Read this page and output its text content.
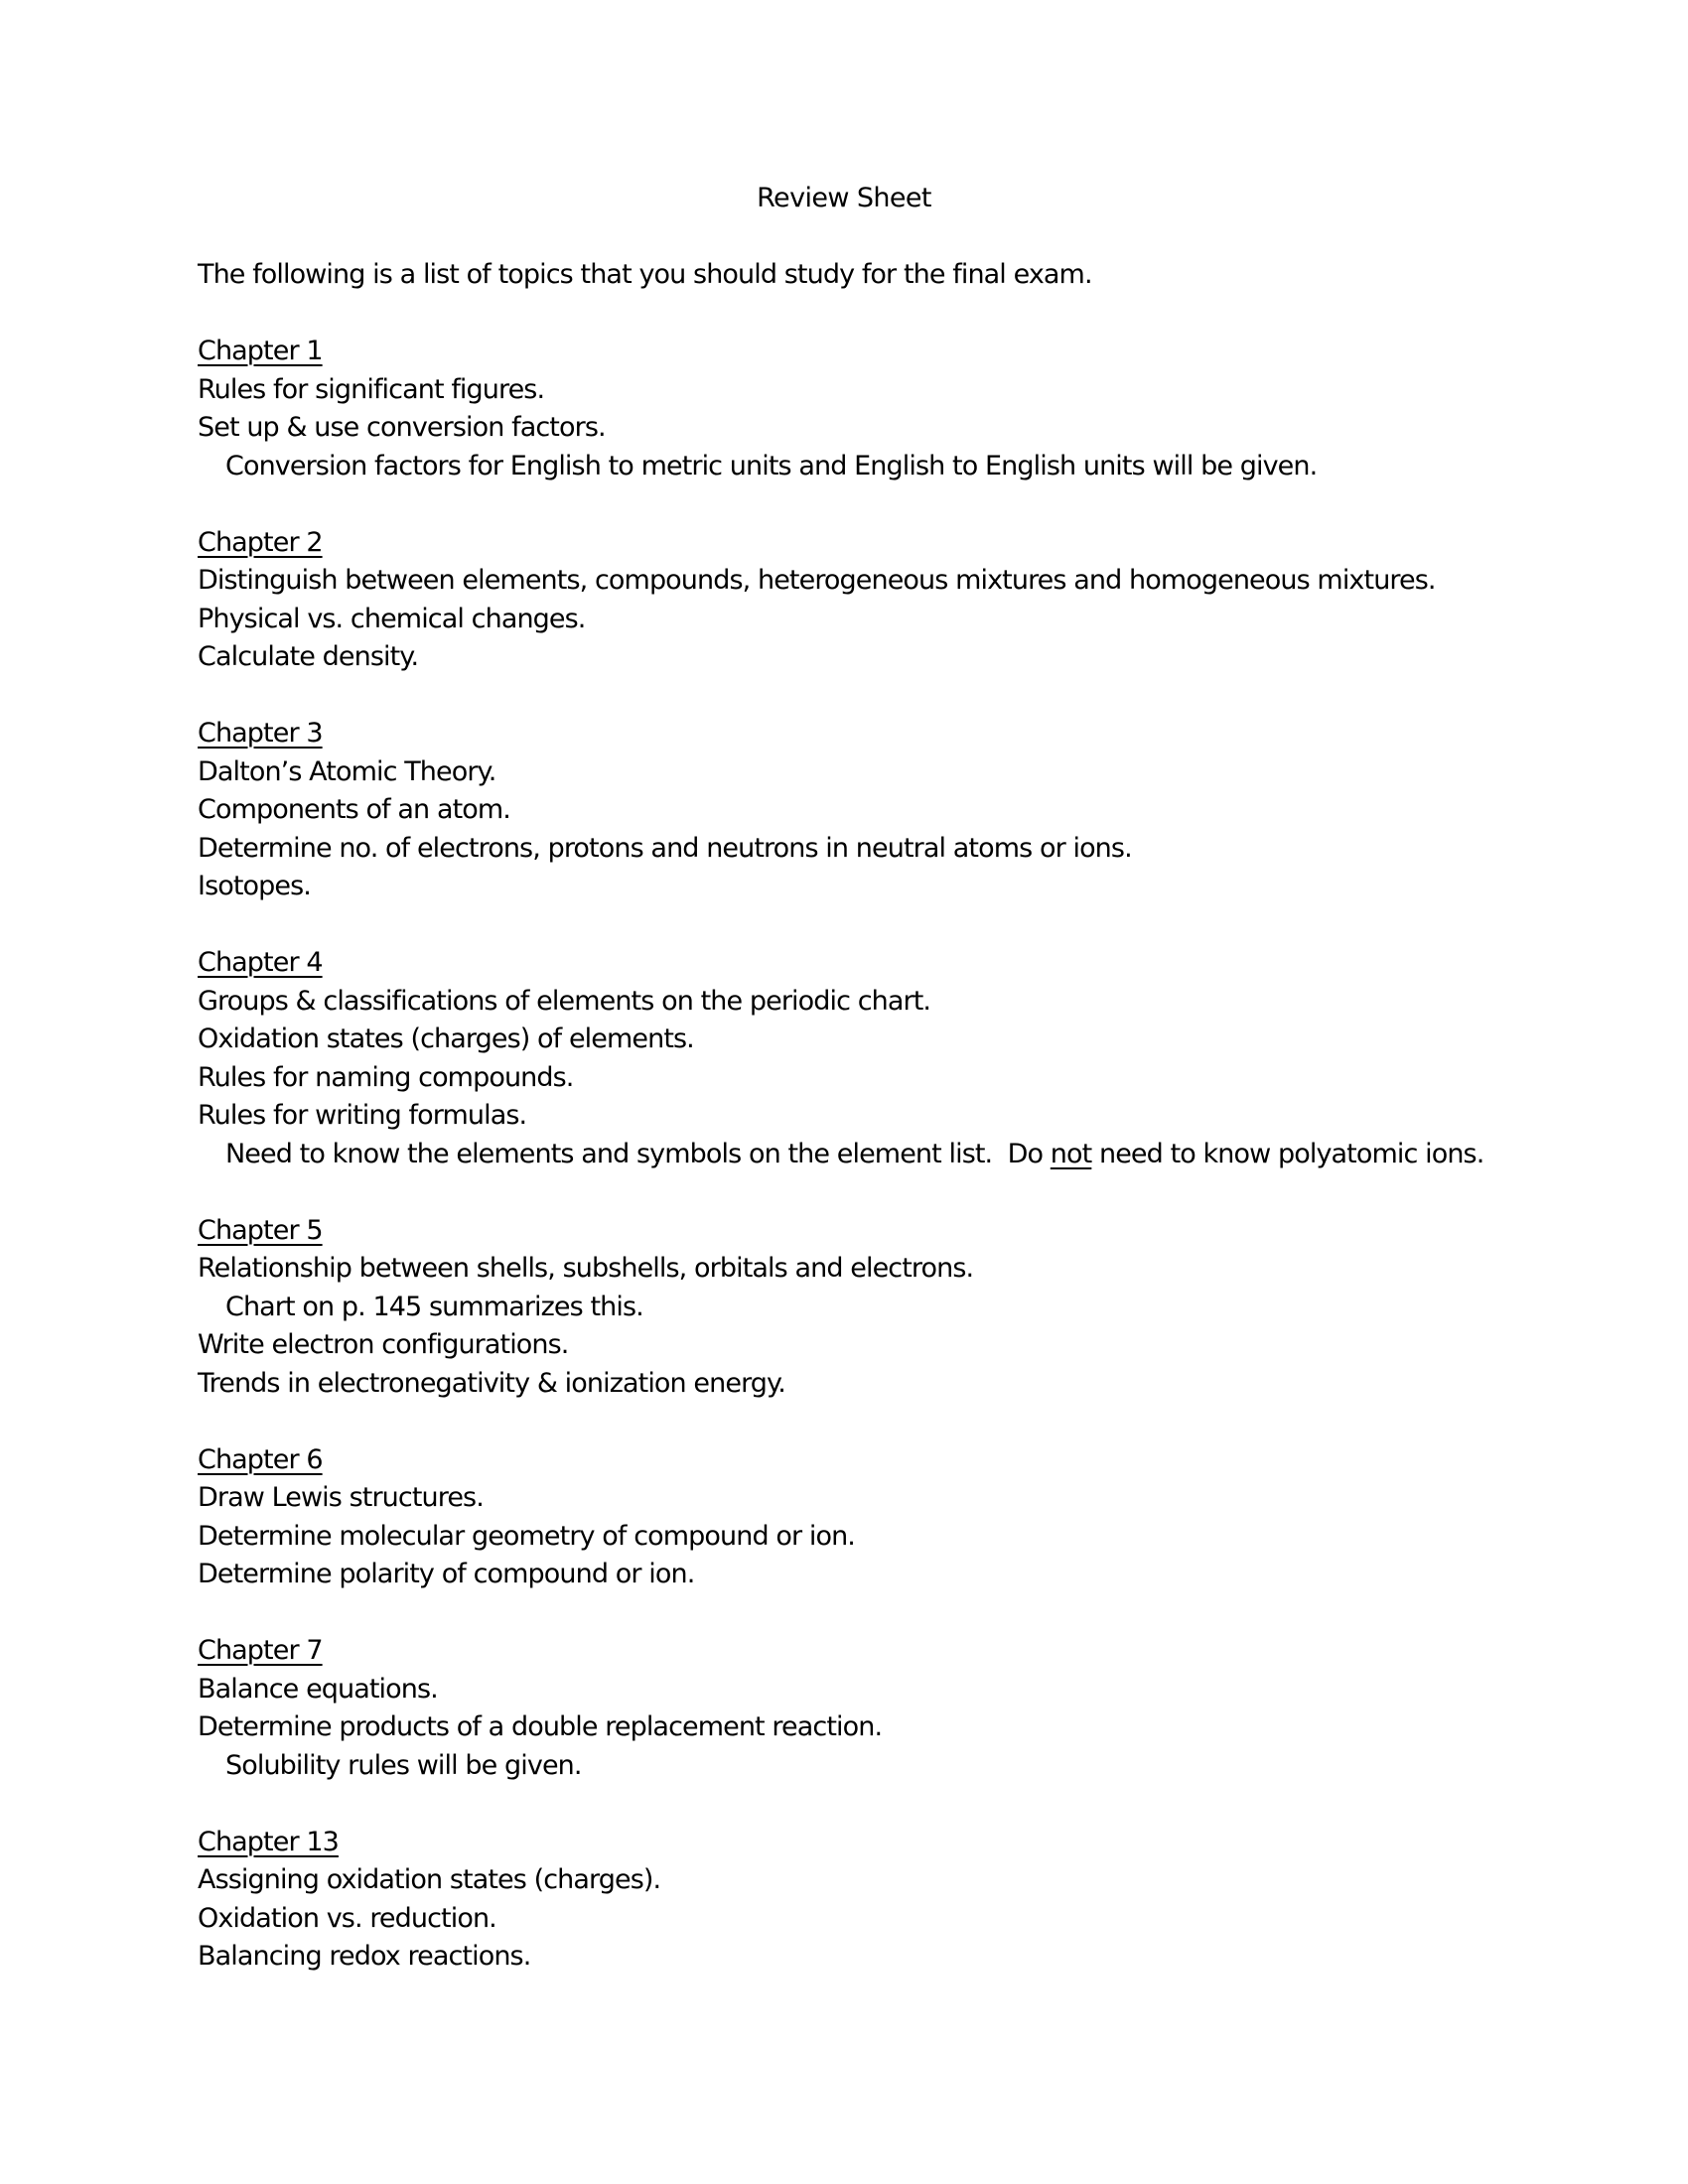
Review Sheet
The following is a list of topics that you should study for the final exam.
Chapter 1
Rules for significant figures.
Set up & use conversion factors.
Conversion factors for English to metric units and English to English units will be given.
Chapter 2
Distinguish between elements, compounds, heterogeneous mixtures and homogeneous mixtures.
Physical vs. chemical changes.
Calculate density.
Chapter 3
Dalton’s Atomic Theory.
Components of an atom.
Determine no. of electrons, protons and neutrons in neutral atoms or ions.
Isotopes.
Chapter 4
Groups & classifications of elements on the periodic chart.
Oxidation states (charges) of elements.
Rules for naming compounds.
Rules for writing formulas.
Need to know the elements and symbols on the element list.  Do not need to know polyatomic ions.
Chapter 5
Relationship between shells, subshells, orbitals and electrons.
Chart on p. 145 summarizes this.
Write electron configurations.
Trends in electronegativity & ionization energy.
Chapter 6
Draw Lewis structures.
Determine molecular geometry of compound or ion.
Determine polarity of compound or ion.
Chapter 7
Balance equations.
Determine products of a double replacement reaction.
Solubility rules will be given.
Chapter 13
Assigning oxidation states (charges).
Oxidation vs. reduction.
Balancing redox reactions.
